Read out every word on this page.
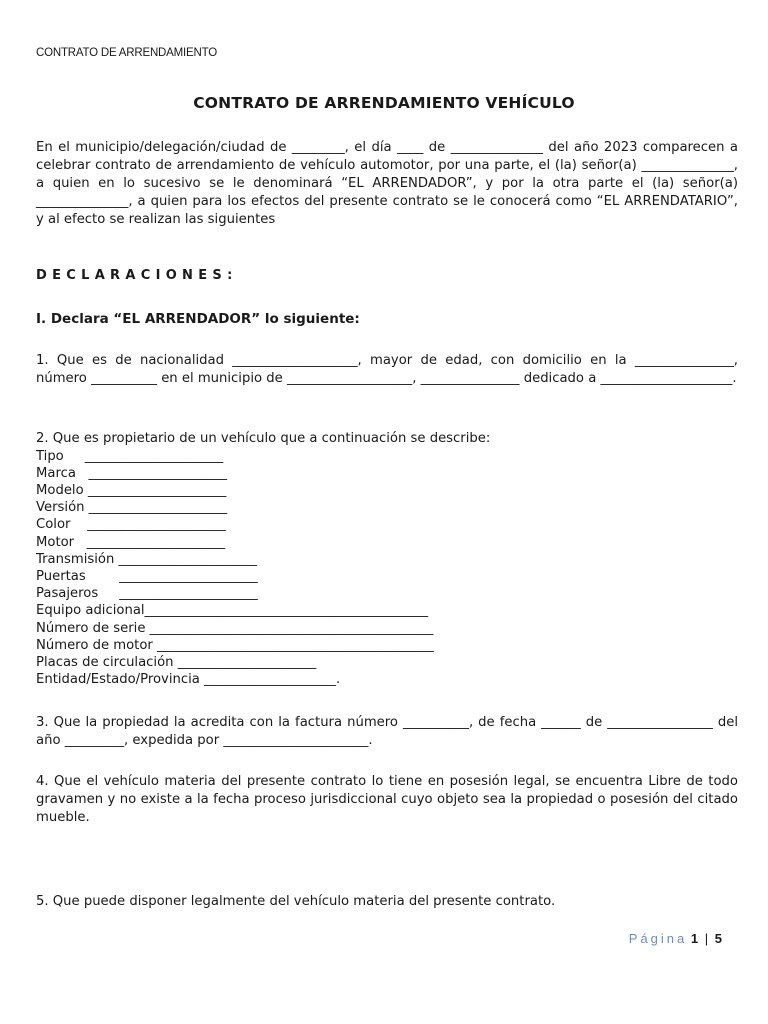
CONTRATO DE ARRENDAMIENTO
CONTRATO DE ARRENDAMIENTO VEHÍCULO

En el municipio/delegación/ciudad de ________, el día ____ de ______________ del año 2023 comparecen a celebrar contrato de arrendamiento de vehículo automotor, por una parte, el (la) señor(a) ______________, a quien en lo sucesivo se le denominará “EL ARRENDADOR”, y por la otra parte el (la) señor(a) ______________, a quien para los efectos del presente contrato se le conocerá como “EL ARRENDATARIO”, y al efecto se realizan las siguientes

DECLARACIONES:
I. Declara “EL ARRENDADOR” lo siguiente:

1. Que es de nacionalidad ___________________, mayor de edad, con domicilio en la _______________, número __________ en el municipio de ___________________, _______________ dedicado a ____________________.

2. Que es propietario de un vehículo que a continuación se describe:

Tipo     _____________________
Marca   _____________________
Modelo _____________________
Versión _____________________
Color    _____________________
Motor   _____________________
Transmisión _____________________
Puertas        _____________________
Pasajeros     _____________________
Equipo adicional___________________________________________
Número de serie ___________________________________________
Número de motor __________________________________________
Placas de circulación _____________________
Entidad/Estado/Provincia ____________________.

3. Que la propiedad la acredita con la factura número __________, de fecha ______ de ________________ del año _________, expedida por ______________________.

4. Que el vehículo materia del presente contrato lo tiene en posesión legal, se encuentra Libre de todo gravamen y no existe a la fecha proceso jurisdiccional cuyo objeto sea la propiedad o posesión del citado mueble.

5. Que puede disponer legalmente del vehículo materia del presente contrato.

Página 1 | 5
